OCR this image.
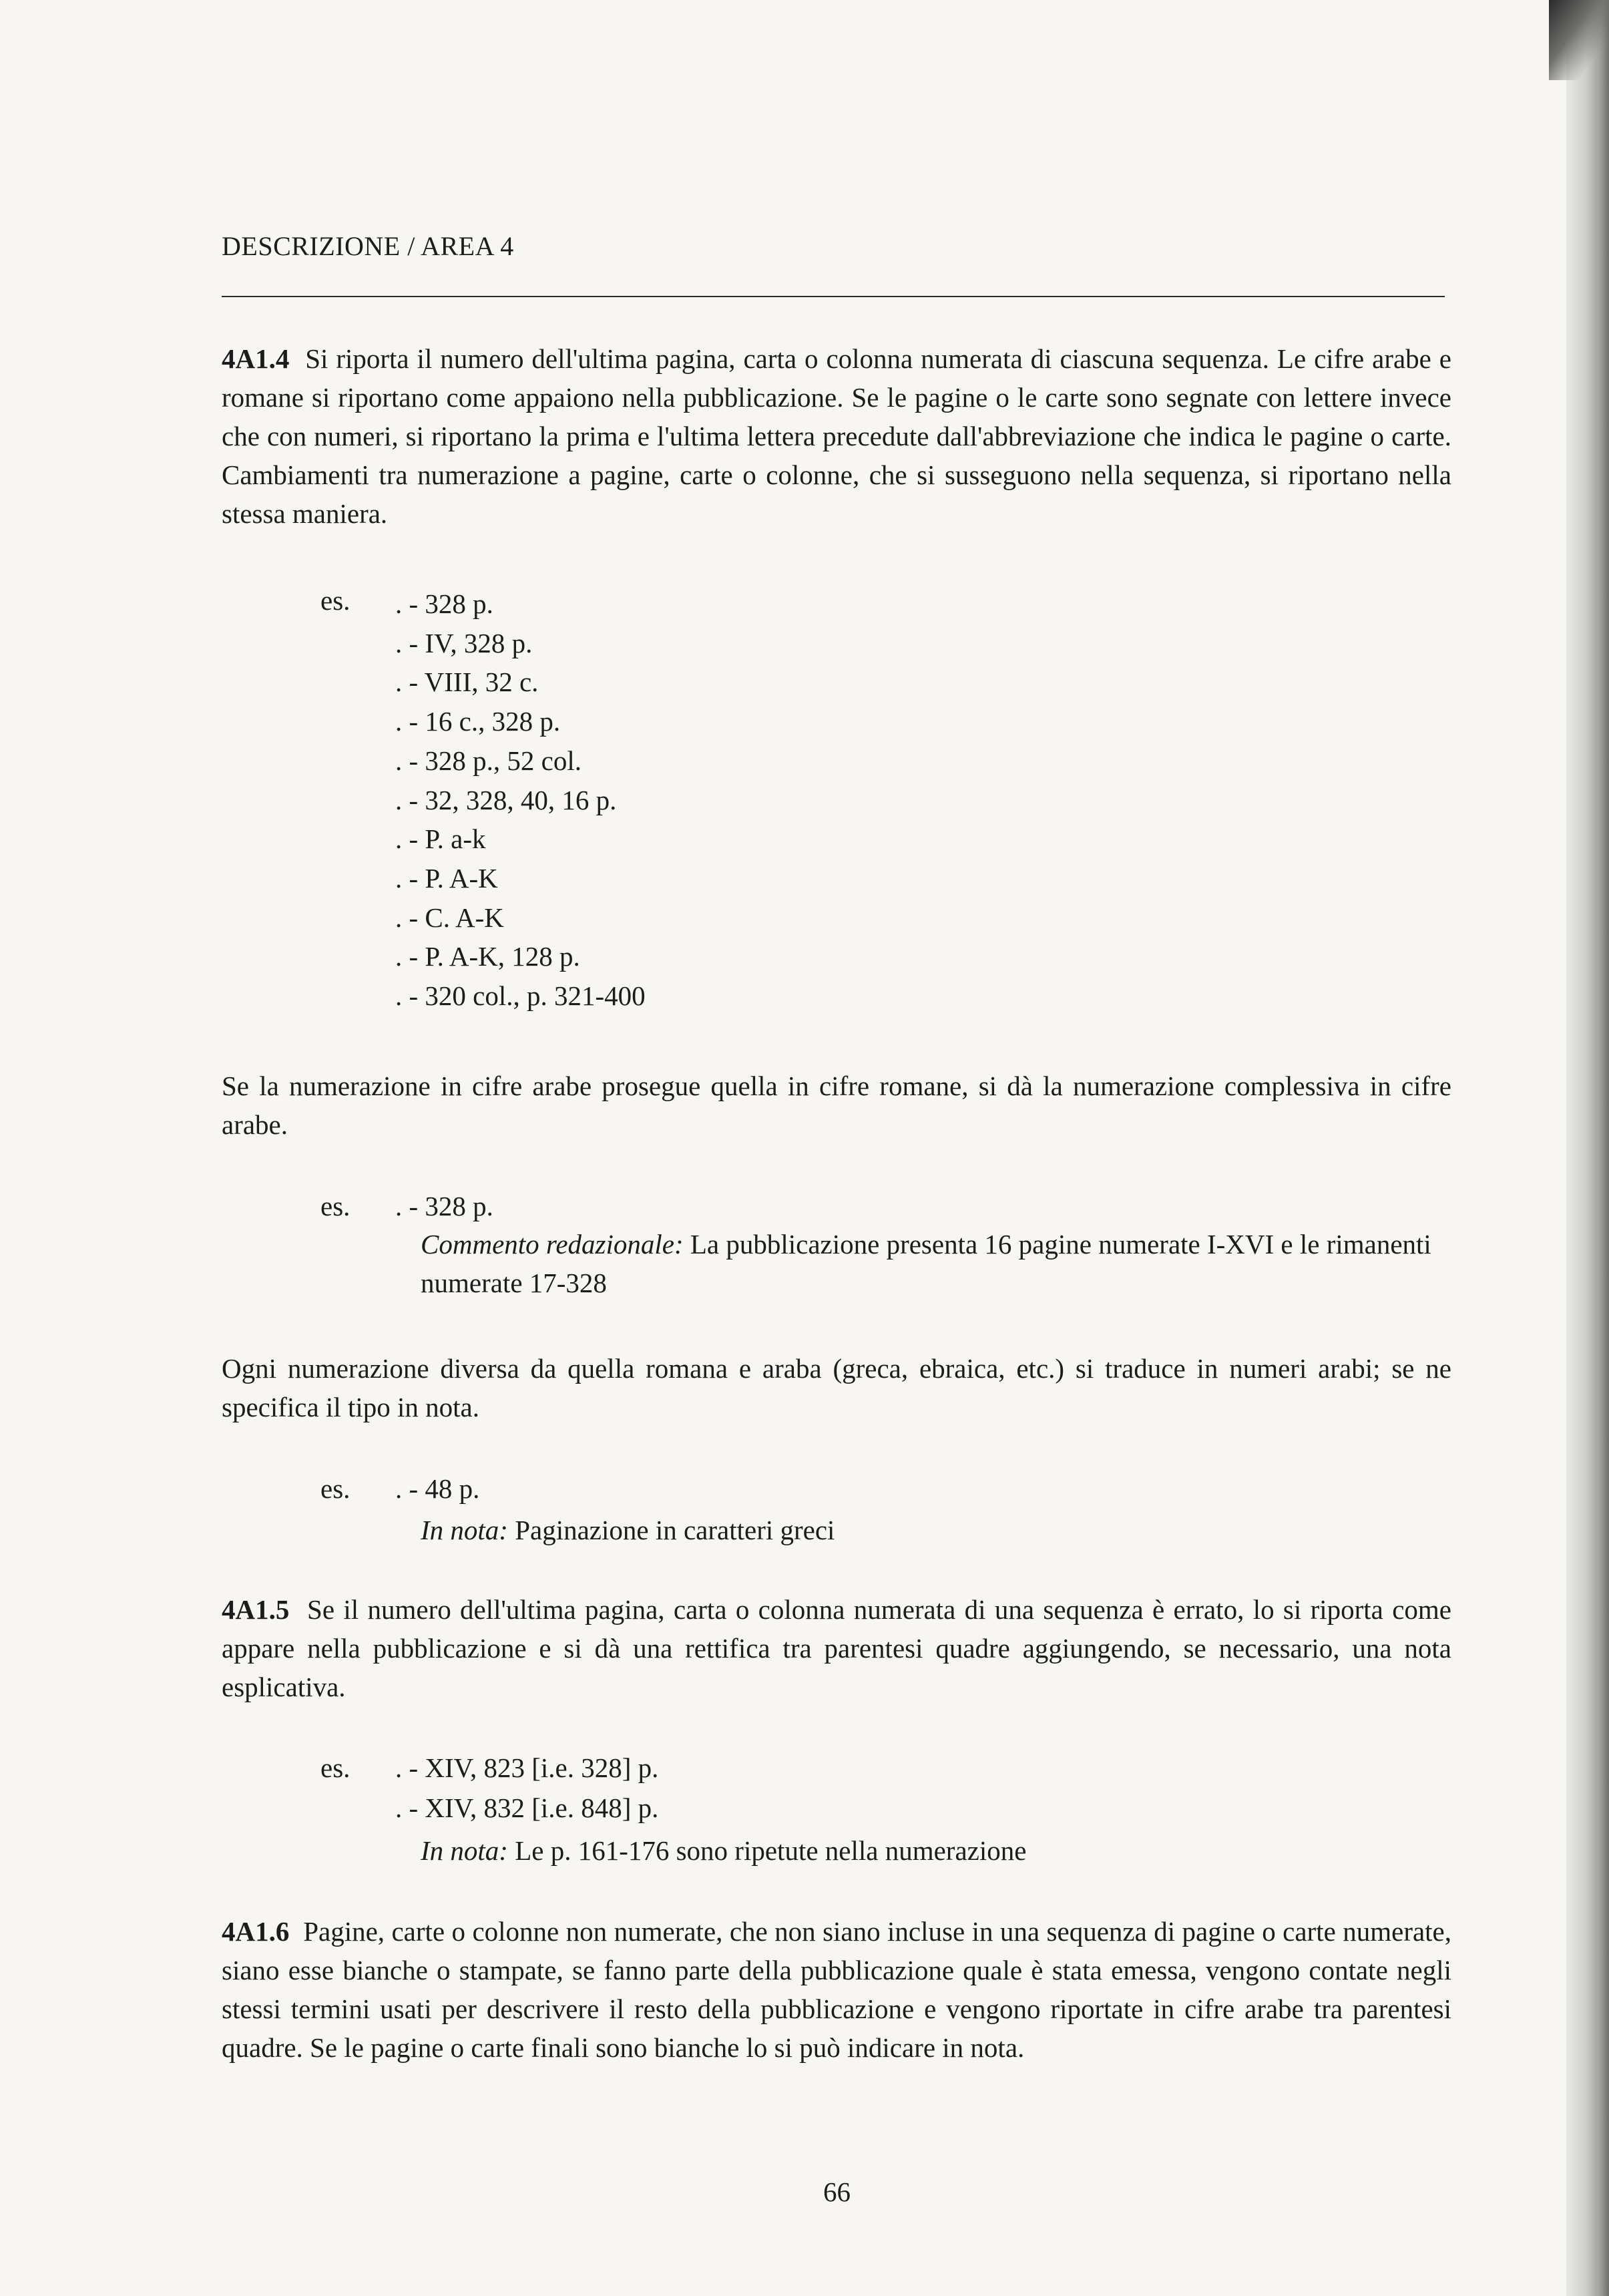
DESCRIZIONE / AREA 4

4A1.4 Si riporta il numero dell'ultima pagina, carta o colonna numerata di ciascuna sequenza. Le cifre arabe e romane si riportano come appaiono nella pubblicazione. Se le pagine o le carte sono segnate con lettere invece che con numeri, si riportano la prima e l'ultima lettera precedute dall'abbreviazione che indica le pagine o carte. Cambiamenti tra numerazione a pagine, carte o colonne, che si susseguono nella sequenza, si riportano nella stessa maniera.

es. . - 328 p.
. - IV, 328 p.
. - VIII, 32 c.
. - 16 c., 328 p.
. - 328 p., 52 col.
. - 32, 328, 40, 16 p.
. - P. a-k
. - P. A-K
. - C. A-K
. - P. A-K, 128 p.
. - 320 col., p. 321-400

Se la numerazione in cifre arabe prosegue quella in cifre romane, si dà la numerazione complessiva in cifre arabe.

es. . - 328 p.

Commento redazionale: La pubblicazione presenta 16 pagine numerate I-XVI e le rimanenti numerate 17-328

Ogni numerazione diversa da quella romana e araba (greca, ebraica, etc.) si traduce in numeri arabi; se ne specifica il tipo in nota.

es. . - 48 p.

In nota: Paginazione in caratteri greci

4A1.5 Se il numero dell'ultima pagina, carta o colonna numerata di una sequenza è errato, lo si riporta come appare nella pubblicazione e si dà una rettifica tra parentesi quadre aggiungendo, se necessario, una nota esplicativa.

es. . - XIV, 823 [i.e. 328] p.
. - XIV, 832 [i.e. 848] p.

In nota: Le p. 161-176 sono ripetute nella numerazione

4A1.6 Pagine, carte o colonne non numerate, che non siano incluse in una sequenza di pagine o carte numerate, siano esse bianche o stampate, se fanno parte della pubblicazione quale è stata emessa, vengono contate negli stessi termini usati per descrivere il resto della pubblicazione e vengono riportate in cifre arabe tra parentesi quadre. Se le pagine o carte finali sono bianche lo si può indicare in nota.

66
